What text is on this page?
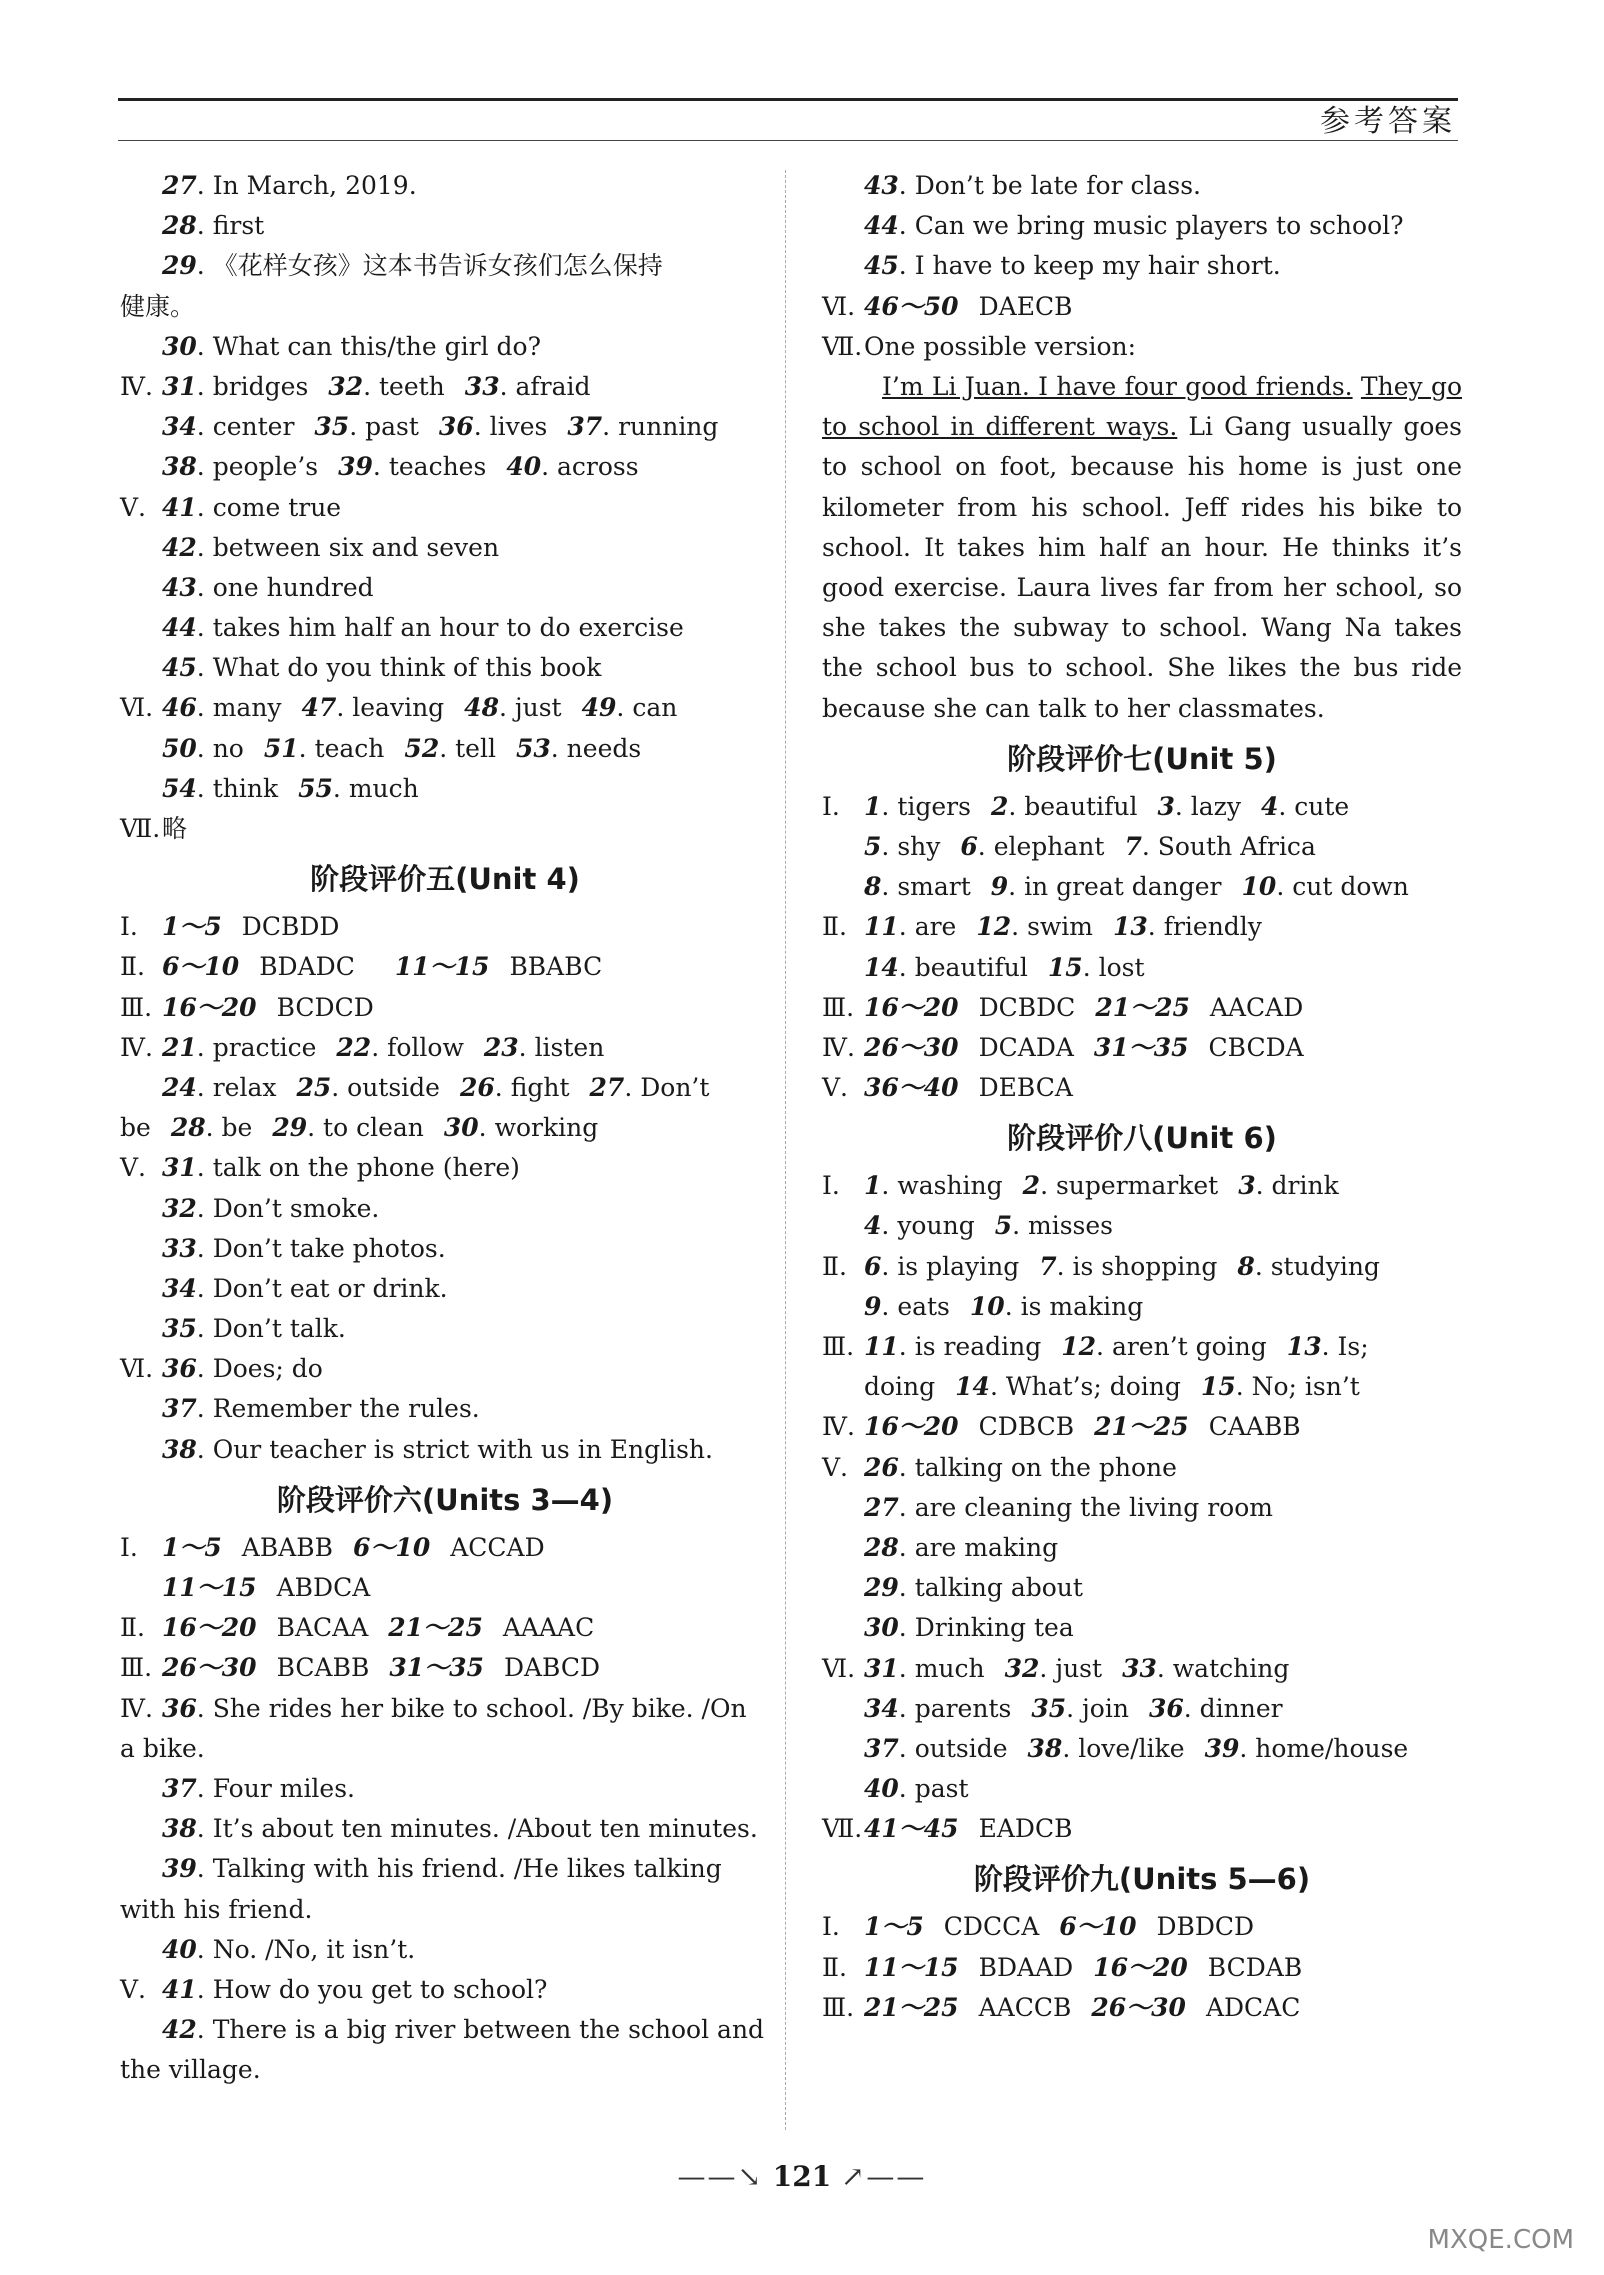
参考答案
27. In March, 2019.
28. first
29. 《花样女孩》这本书告诉女孩们怎么保持
健康。
30. What can this/the girl do?
Ⅳ. 31. bridges 32. teeth 33. afraid
34. center 35. past 36. lives 37. running
38. people’s 39. teaches 40. across
Ⅴ. 41. come true
42. between six and seven
43. one hundred
44. takes him half an hour to do exercise
45. What do you think of this book
Ⅵ. 46. many 47. leaving 48. just 49. can
50. no 51. teach 52. tell 53. needs
54. think 55. much
Ⅶ.略
阶段评价五(Unit 4)
Ⅰ. 1～5 DCBDD
Ⅱ. 6～10 BDADC 11～15 BBABC
Ⅲ. 16～20 BCDCD
Ⅳ. 21. practice 22. follow 23. listen
24. relax 25. outside 26. fight 27. Don’t
be 28. be 29. to clean 30. working
Ⅴ. 31. talk on the phone (here)
32. Don’t smoke.
33. Don’t take photos.
34. Don’t eat or drink.
35. Don’t talk.
Ⅵ. 36. Does; do
37. Remember the rules.
38. Our teacher is strict with us in English.
阶段评价六(Units 3—4)
Ⅰ. 1～5 ABABB 6～10 ACCAD
11～15 ABDCA
Ⅱ. 16～20 BACAA 21～25 AAAAC
Ⅲ. 26～30 BCABB 31～35 DABCD
Ⅳ. 36. She rides her bike to school. /By bike. /On
a bike.
37. Four miles.
38. It’s about ten minutes. /About ten minutes.
39. Talking with his friend. /He likes talking
with his friend.
40. No. /No, it isn’t.
Ⅴ. 41. How do you get to school?
42. There is a big river between the school and
the village.
43. Don’t be late for class.
44. Can we bring music players to school?
45. I have to keep my hair short.
Ⅵ. 46～50 DAECB
Ⅶ.One possible version:
I’m Li Juan. I have four good friends. They go to school in different ways. Li Gang usually goes to school on foot, because his home is just one kilometer from his school. Jeff rides his bike to school. It takes him half an hour. He thinks it’s good exercise. Laura lives far from her school, so she takes the subway to school. Wang Na takes the school bus to school. She likes the bus ride because she can talk to her classmates.
阶段评价七(Unit 5)
Ⅰ. 1. tigers 2. beautiful 3. lazy 4. cute
5. shy 6. elephant 7. South Africa
8. smart 9. in great danger 10. cut down
Ⅱ. 11. are 12. swim 13. friendly
14. beautiful 15. lost
Ⅲ. 16～20 DCBDC 21～25 AACAD
Ⅳ. 26～30 DCADA 31～35 CBCDA
Ⅴ. 36～40 DEBCA
阶段评价八(Unit 6)
Ⅰ. 1. washing 2. supermarket 3. drink
4. young 5. misses
Ⅱ. 6. is playing 7. is shopping 8. studying
9. eats 10. is making
Ⅲ. 11. is reading 12. aren’t going 13. Is;
doing 14. What’s; doing 15. No; isn’t
Ⅳ. 16～20 CDBCB 21～25 CAABB
Ⅴ. 26. talking on the phone
27. are cleaning the living room
28. are making
29. talking about
30. Drinking tea
Ⅵ. 31. much 32. just 33. watching
34. parents 35. join 36. dinner
37. outside 38. love/like 39. home/house
40. past
Ⅶ.41～45 EADCB
阶段评价九(Units 5—6)
Ⅰ. 1～5 CDCCA 6～10 DBDCD
Ⅱ. 11～15 BDAAD 16～20 BCDAB
Ⅲ. 21～25 AACCB 26～30 ADCAC
——↘ 121 ↗——
MXQE.COM
